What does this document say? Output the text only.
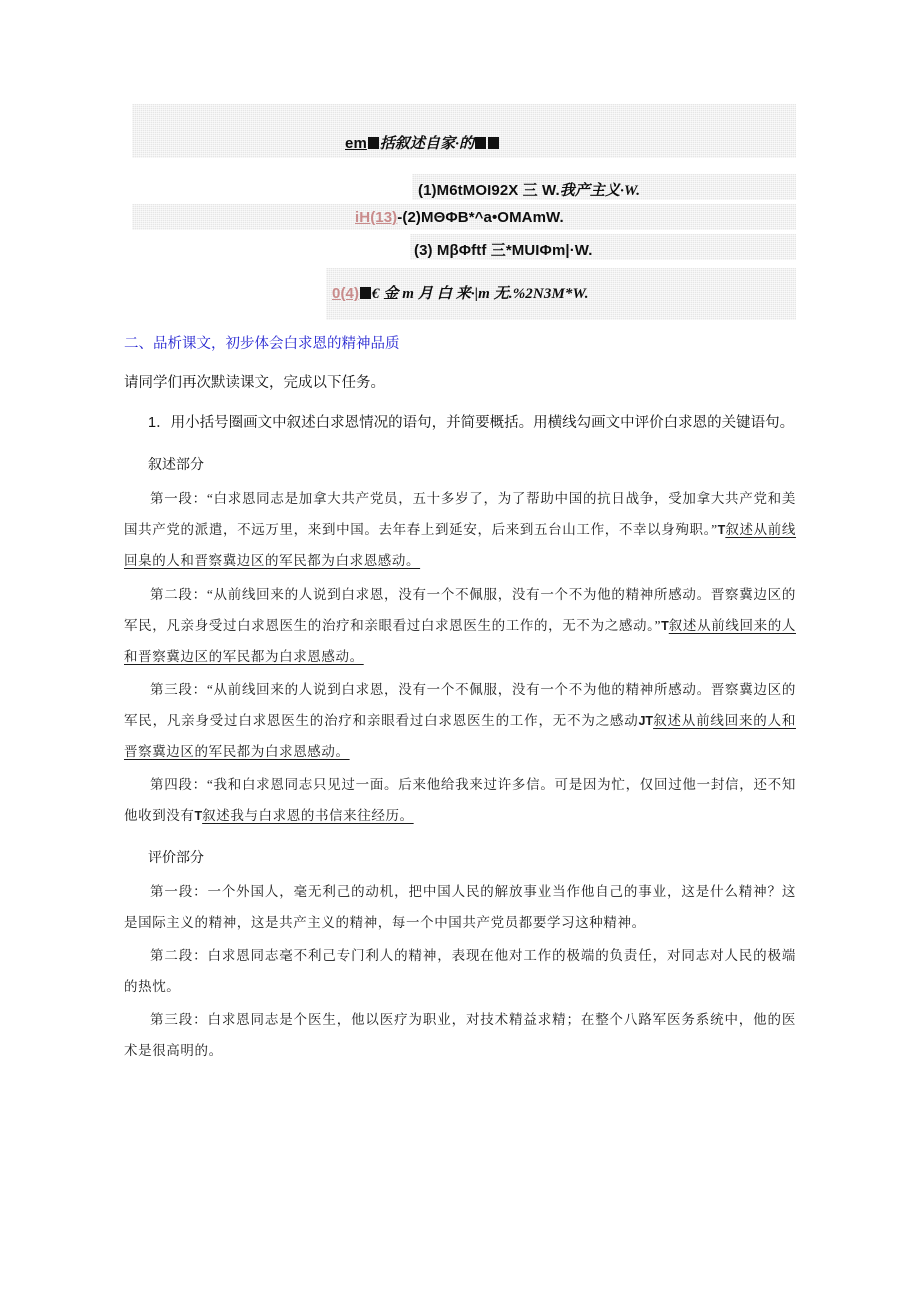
em 括叙述自家·的
(1)M6tMOI92X 三 W.我产主义·W.
iH(13)-(2)MΘΦB*^a•OMAmW.
(3) MβΦftf 三*MUIΦm|·W.
0(4) € 金 m 月 白 来·|m 无.%2N3M*W.
二、品析课文，初步体会白求恩的精神品质
请同学们再次默读课文，完成以下任务。
1．用小括号圈画文中叙述白求恩情况的语句，并简要概括。用横线勾画文中评价白求恩的关键语句。
叙述部分

第一段：“白求恩同志是加拿大共产党员，五十多岁了，为了帮助中国的抗日战争，受加拿大共产党和美国共产党的派遣，不远万里，来到中国。去年春上到延安，后来到五台山工作，不幸以身殉职。”T叙述从前线回臬的人和晋察冀边区的军民都为白求恩感动。

第二段：“从前线回来的人说到白求恩，没有一个不佩服，没有一个不为他的精神所感动。晋察冀边区的军民，凡亲身受过白求恩医生的治疗和亲眼看过白求恩医生的工作的，无不为之感动。”T叙述从前线回来的人和晋察冀边区的军民都为白求恩感动。

第三段：“从前线回来的人说到白求恩，没有一个不佩服，没有一个不为他的精神所感动。晋察冀边区的军民，凡亲身受过白求恩医生的治疗和亲眼看过白求恩医生的工作，无不为之感动JT叙述从前线回来的人和晋察冀边区的军民都为白求恩感动。

第四段：“我和白求恩同志只见过一面。后来他给我来过许多信。可是因为忙，仅回过他一封信，还不知他收到没有T叙述我与白求恩的书信来往经历。

评价部分

第一段：一个外国人，毫无利己的动机，把中国人民的解放事业当作他自己的事业，这是什么精神？这是国际主义的精神，这是共产主义的精神，每一个中国共产党员都要学习这种精神。

第二段：白求恩同志毫不利己专门利人的精神，表现在他对工作的极端的负责任，对同志对人民的极端的热忱。

第三段：白求恩同志是个医生，他以医疗为职业，对技术精益求精；在整个八路军医务系统中，他的医术是很高明的。
